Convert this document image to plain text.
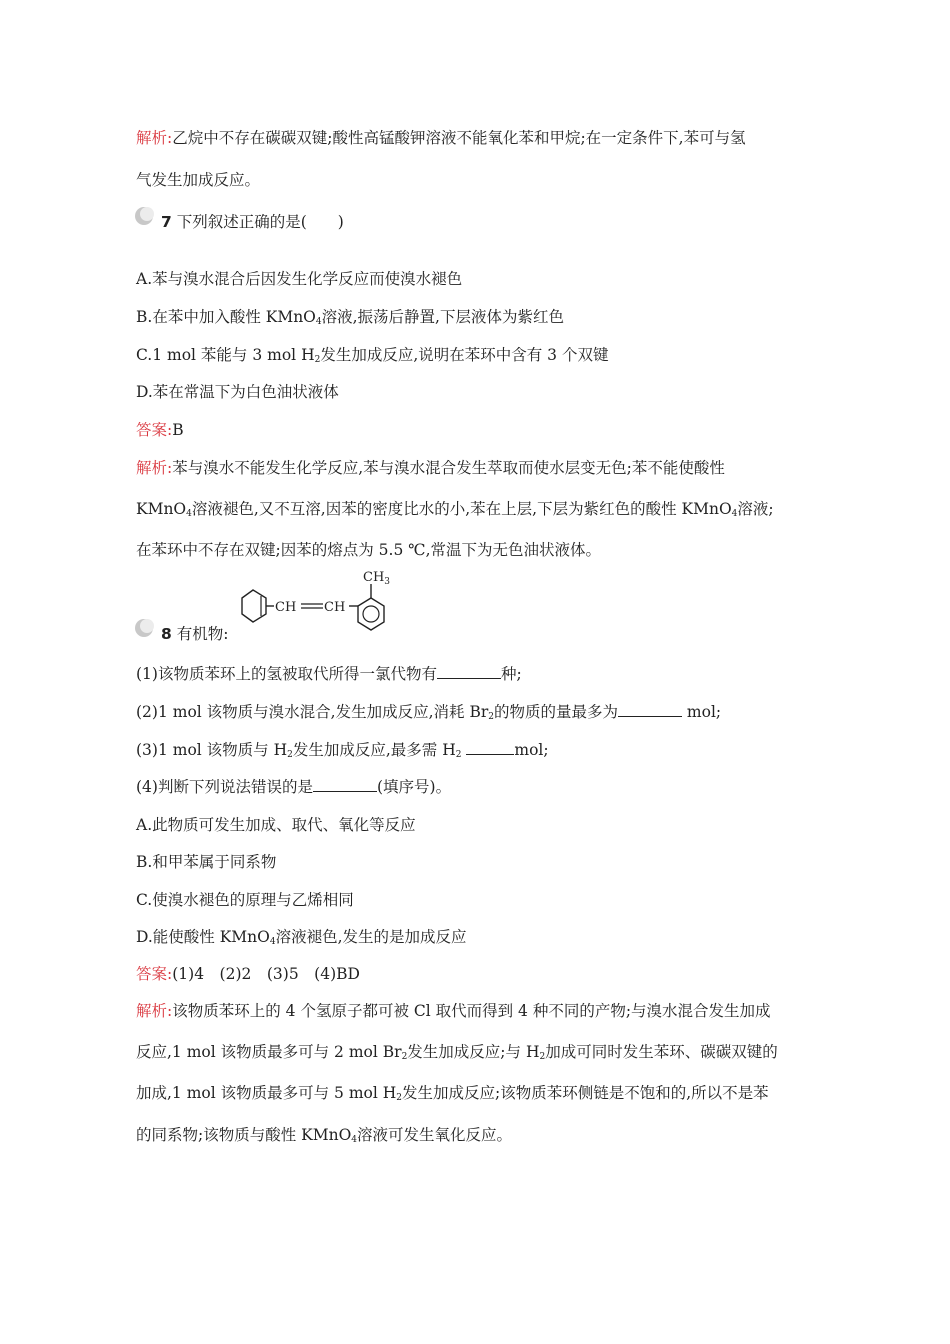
解析:乙烷中不存在碳碳双键;酸性高锰酸钾溶液不能氧化苯和甲烷;在一定条件下,苯可与氢
气发生加成反应。
7 下列叙述正确的是(　　)
A.苯与溴水混合后因发生化学反应而使溴水褪色
B.在苯中加入酸性 KMnO$_4$溶液,振荡后静置,下层液体为紫红色
C.1 mol 苯能与 3 mol $H_2$发生加成反应,说明在苯环中含有 3 个双键
D.苯在常温下为白色油状液体
答案:B
解析:苯与溴水不能发生化学反应,苯与溴水混合发生萃取而使水层变无色;苯不能使酸性
KMnO$_4$溶液褪色,又不互溶,因苯的密度比水的小,苯在上层,下层为紫红色的酸性 KMnO$_4$溶液;
在苯环中不存在双键;因苯的熔点为 5.5 ℃,常温下为无色油状液体。
8 有机物:
CH CH
$CH_3$
(1)该物质苯环上的氢被取代所得一氯代物有	种;
(2)1 mol 该物质与溴水混合,发生加成反应,消耗 $Br_2$的物质的量最多为	mol;
(3)1 mol 该物质与 $H_2$发生加成反应,最多需 $H_2$	mol;
(4)判断下列说法错误的是	(填序号)。
A.此物质可发生加成、取代、氧化等反应
B.和甲苯属于同系物
C.使溴水褪色的原理与乙烯相同
D.能使酸性 KMnO$_4$溶液褪色,发生的是加成反应
答案:(1)4　(2)2　(3)5　(4)BD
解析:该物质苯环上的 4 个氢原子都可被 Cl 取代而得到 4 种不同的产物;与溴水混合发生加成
反应,1 mol 该物质最多可与 2 mol $Br_2$发生加成反应;与 $H_2$加成可同时发生苯环、碳碳双键的
加成,1 mol 该物质最多可与 5 mol $H_2$发生加成反应;该物质苯环侧链是不饱和的,所以不是苯
的同系物;该物质与酸性 KMnO$_4$溶液可发生氧化反应。
